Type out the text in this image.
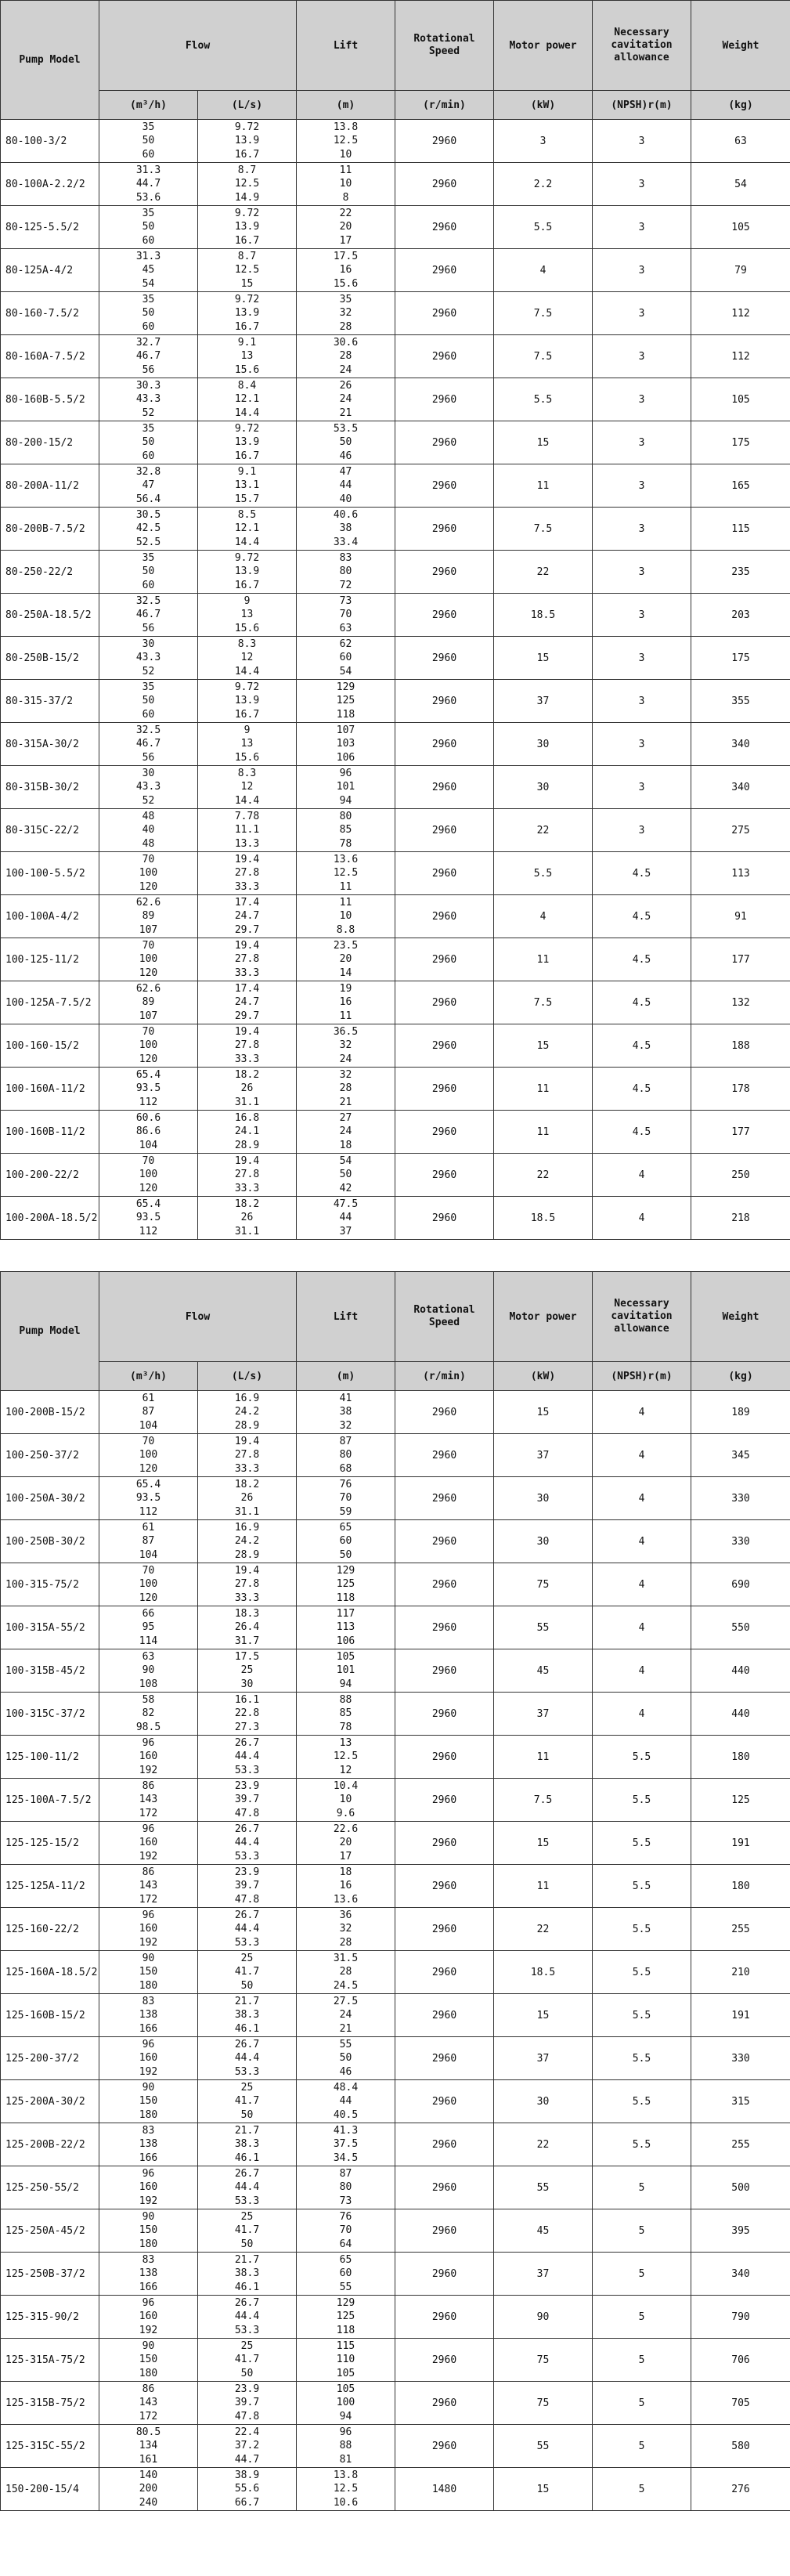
Pump Model	Flow		Lift	Rotational Speed	Motor power	Necessary cavitation allowance	Weight
	(m³/h)	(L/s)	(m)	(r/min)	(kW)	(NPSH)r(m)	(kg)
80-100-3/2	35
50
60	9.72
13.9
16.7	13.8
12.5
10	2960	3	3	63
80-100A-2.2/2	31.3
44.7
53.6	8.7
12.5
14.9	11
10
8	2960	2.2	3	54
80-125-5.5/2	35
50
60	9.72
13.9
16.7	22
20
17	2960	5.5	3	105
80-125A-4/2	31.3
45
54	8.7
12.5
15	17.5
16
15.6	2960	4	3	79
80-160-7.5/2	35
50
60	9.72
13.9
16.7	35
32
28	2960	7.5	3	112
80-160A-7.5/2	32.7
46.7
56	9.1
13
15.6	30.6
28
24	2960	7.5	3	112
80-160B-5.5/2	30.3
43.3
52	8.4
12.1
14.4	26
24
21	2960	5.5	3	105
80-200-15/2	35
50
60	9.72
13.9
16.7	53.5
50
46	2960	15	3	175
80-200A-11/2	32.8
47
56.4	9.1
13.1
15.7	47
44
40	2960	11	3	165
80-200B-7.5/2	30.5
42.5
52.5	8.5
12.1
14.4	40.6
38
33.4	2960	7.5	3	115
80-250-22/2	35
50
60	9.72
13.9
16.7	83
80
72	2960	22	3	235
80-250A-18.5/2	32.5
46.7
56	9
13
15.6	73
70
63	2960	18.5	3	203
80-250B-15/2	30
43.3
52	8.3
12
14.4	62
60
54	2960	15	3	175
80-315-37/2	35
50
60	9.72
13.9
16.7	129
125
118	2960	37	3	355
80-315A-30/2	32.5
46.7
56	9
13
15.6	107
103
106	2960	30	3	340
80-315B-30/2	30
43.3
52	8.3
12
14.4	96
101
94	2960	30	3	340
80-315C-22/2	48
40
48	7.78
11.1
13.3	80
85
78	2960	22	3	275
100-100-5.5/2	70
100
120	19.4
27.8
33.3	13.6
12.5
11	2960	5.5	4.5	113
100-100A-4/2	62.6
89
107	17.4
24.7
29.7	11
10
8.8	2960	4	4.5	91
100-125-11/2	70
100
120	19.4
27.8
33.3	23.5
20
14	2960	11	4.5	177
100-125A-7.5/2	62.6
89
107	17.4
24.7
29.7	19
16
11	2960	7.5	4.5	132
100-160-15/2	70
100
120	19.4
27.8
33.3	36.5
32
24	2960	15	4.5	188
100-160A-11/2	65.4
93.5
112	18.2
26
31.1	32
28
21	2960	11	4.5	178
100-160B-11/2	60.6
86.6
104	16.8
24.1
28.9	27
24
18	2960	11	4.5	177
100-200-22/2	70
100
120	19.4
27.8
33.3	54
50
42	2960	22	4	250
100-200A-18.5/2	65.4
93.5
112	18.2
26
31.1	47.5
44
37	2960	18.5	4	218
Pump Model	Flow		Lift	Rotational Speed	Motor power	Necessary cavitation allowance	Weight
	(m³/h)	(L/s)	(m)	(r/min)	(kW)	(NPSH)r(m)	(kg)
100-200B-15/2	61
87
104	16.9
24.2
28.9	41
38
32	2960	15	4	189
100-250-37/2	70
100
120	19.4
27.8
33.3	87
80
68	2960	37	4	345
100-250A-30/2	65.4
93.5
112	18.2
26
31.1	76
70
59	2960	30	4	330
100-250B-30/2	61
87
104	16.9
24.2
28.9	65
60
50	2960	30	4	330
100-315-75/2	70
100
120	19.4
27.8
33.3	129
125
118	2960	75	4	690
100-315A-55/2	66
95
114	18.3
26.4
31.7	117
113
106	2960	55	4	550
100-315B-45/2	63
90
108	17.5
25
30	105
101
94	2960	45	4	440
100-315C-37/2	58
82
98.5	16.1
22.8
27.3	88
85
78	2960	37	4	440
125-100-11/2	96
160
192	26.7
44.4
53.3	13
12.5
12	2960	11	5.5	180
125-100A-7.5/2	86
143
172	23.9
39.7
47.8	10.4
10
9.6	2960	7.5	5.5	125
125-125-15/2	96
160
192	26.7
44.4
53.3	22.6
20
17	2960	15	5.5	191
125-125A-11/2	86
143
172	23.9
39.7
47.8	18
16
13.6	2960	11	5.5	180
125-160-22/2	96
160
192	26.7
44.4
53.3	36
32
28	2960	22	5.5	255
125-160A-18.5/2	90
150
180	25
41.7
50	31.5
28
24.5	2960	18.5	5.5	210
125-160B-15/2	83
138
166	21.7
38.3
46.1	27.5
24
21	2960	15	5.5	191
125-200-37/2	96
160
192	26.7
44.4
53.3	55
50
46	2960	37	5.5	330
125-200A-30/2	90
150
180	25
41.7
50	48.4
44
40.5	2960	30	5.5	315
125-200B-22/2	83
138
166	21.7
38.3
46.1	41.3
37.5
34.5	2960	22	5.5	255
125-250-55/2	96
160
192	26.7
44.4
53.3	87
80
73	2960	55	5	500
125-250A-45/2	90
150
180	25
41.7
50	76
70
64	2960	45	5	395
125-250B-37/2	83
138
166	21.7
38.3
46.1	65
60
55	2960	37	5	340
125-315-90/2	96
160
192	26.7
44.4
53.3	129
125
118	2960	90	5	790
125-315A-75/2	90
150
180	25
41.7
50	115
110
105	2960	75	5	706
125-315B-75/2	86
143
172	23.9
39.7
47.8	105
100
94	2960	75	5	705
125-315C-55/2	80.5
134
161	22.4
37.2
44.7	96
88
81	2960	55	5	580
150-200-15/4	140
200
240	38.9
55.6
66.7	13.8
12.5
10.6	1480	15	5	276
